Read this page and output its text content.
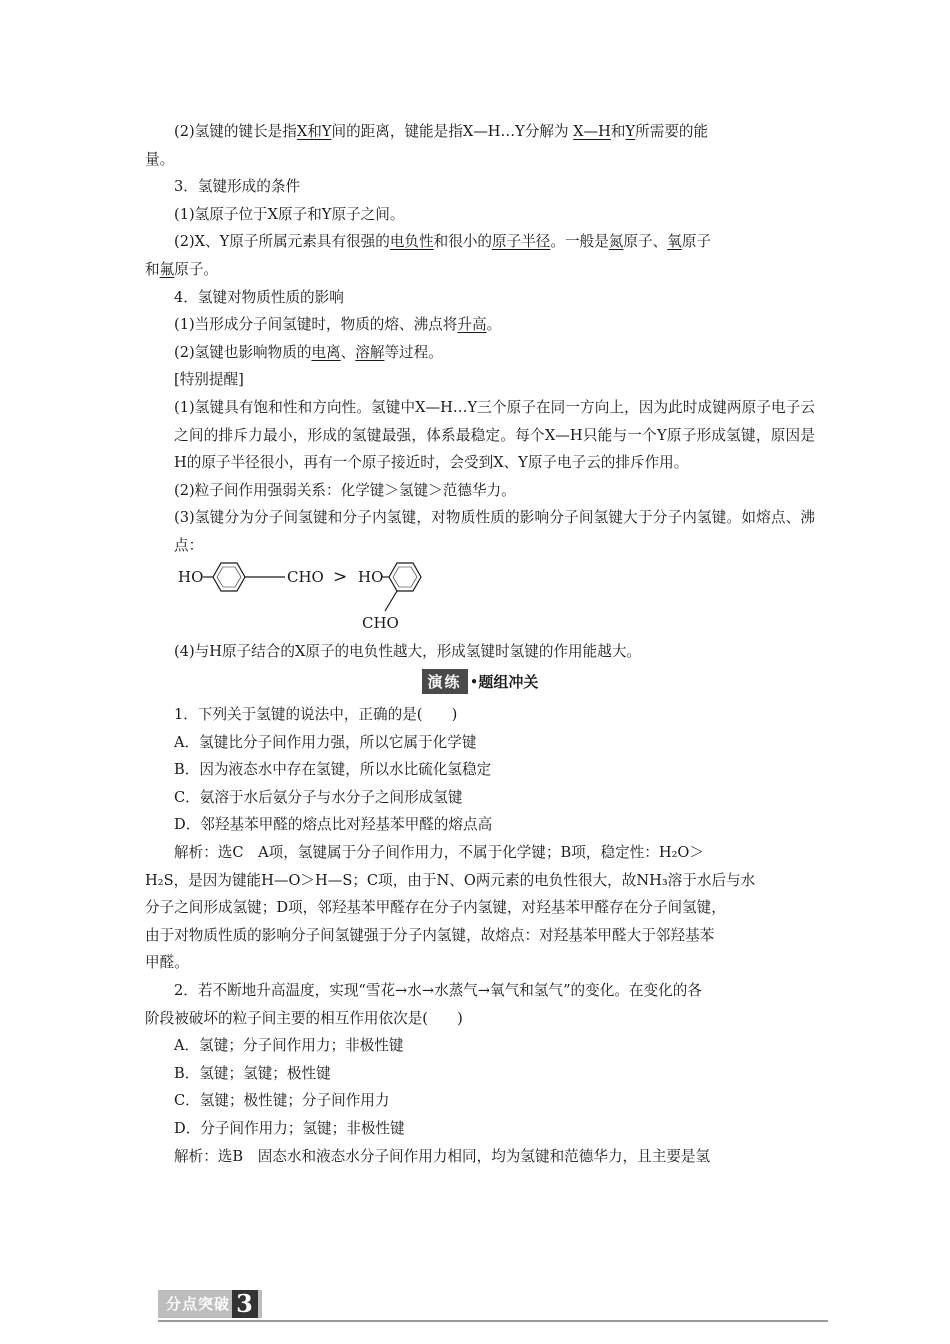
(2)氢键的键长是指X和Y间的距离，键能是指X—H…Y分解为 X—H和Y所需要的能

量。

3．氢键形成的条件

(1)氢原子位于X原子和Y原子之间。

(2)X、Y原子所属元素具有很强的电负性和很小的原子半径。一般是氮原子、氧原子

和氟原子。

4．氢键对物质性质的影响

(1)当形成分子间氢键时，物质的熔、沸点将升高。

(2)氢键也影响物质的电离、溶解等过程。

[特别提醒]

(1)氢键具有饱和性和方向性。氢键中X—H…Y三个原子在同一方向上，因为此时成键两原子电子云之间的排斥力最小，形成的氢键最强，体系最稳定。每个X—H只能与一个Y原子形成氢键，原因是H的原子半径很小，再有一个原子接近时，会受到X、Y原子电子云的排斥作用。

(2)粒子间作用强弱关系：化学键＞氢键＞范德华力。

(3)氢键分为分子间氢键和分子内氢键，对物质性质的影响分子间氢键大于分子内氢键。如熔点、沸点：

HO	CHO > HO
CHO

(4)与H原子结合的X原子的电负性越大，形成氢键时氢键的作用能越大。

演练 •题组冲关

1．下列关于氢键的说法中，正确的是(　　)

A．氢键比分子间作用力强，所以它属于化学键

B．因为液态水中存在氢键，所以水比硫化氢稳定

C．氨溶于水后氨分子与水分子之间形成氢键

D．邻羟基苯甲醛的熔点比对羟基苯甲醛的熔点高

解析：选C　A项，氢键属于分子间作用力，不属于化学键；B项，稳定性：H₂O＞

H₂S，是因为键能H—O＞H—S；C项，由于N、O两元素的电负性很大，故NH₃溶于水后与水

分子之间形成氢键；D项，邻羟基苯甲醛存在分子内氢键，对羟基苯甲醛存在分子间氢键，

由于对物质性质的影响分子间氢键强于分子内氢键，故熔点：对羟基苯甲醛大于邻羟基苯

甲醛。

2．若不断地升高温度，实现“雪花→水→水蒸气→氧气和氢气”的变化。在变化的各

阶段被破坏的粒子间主要的相互作用依次是(　　)

A．氢键；分子间作用力；非极性键

B．氢键；氢键；极性键

C．氢键；极性键；分子间作用力

D．分子间作用力；氢键；非极性键

解析：选B　固态水和液态水分子间作用力相同，均为氢键和范德华力，且主要是氢

分点突破 3
